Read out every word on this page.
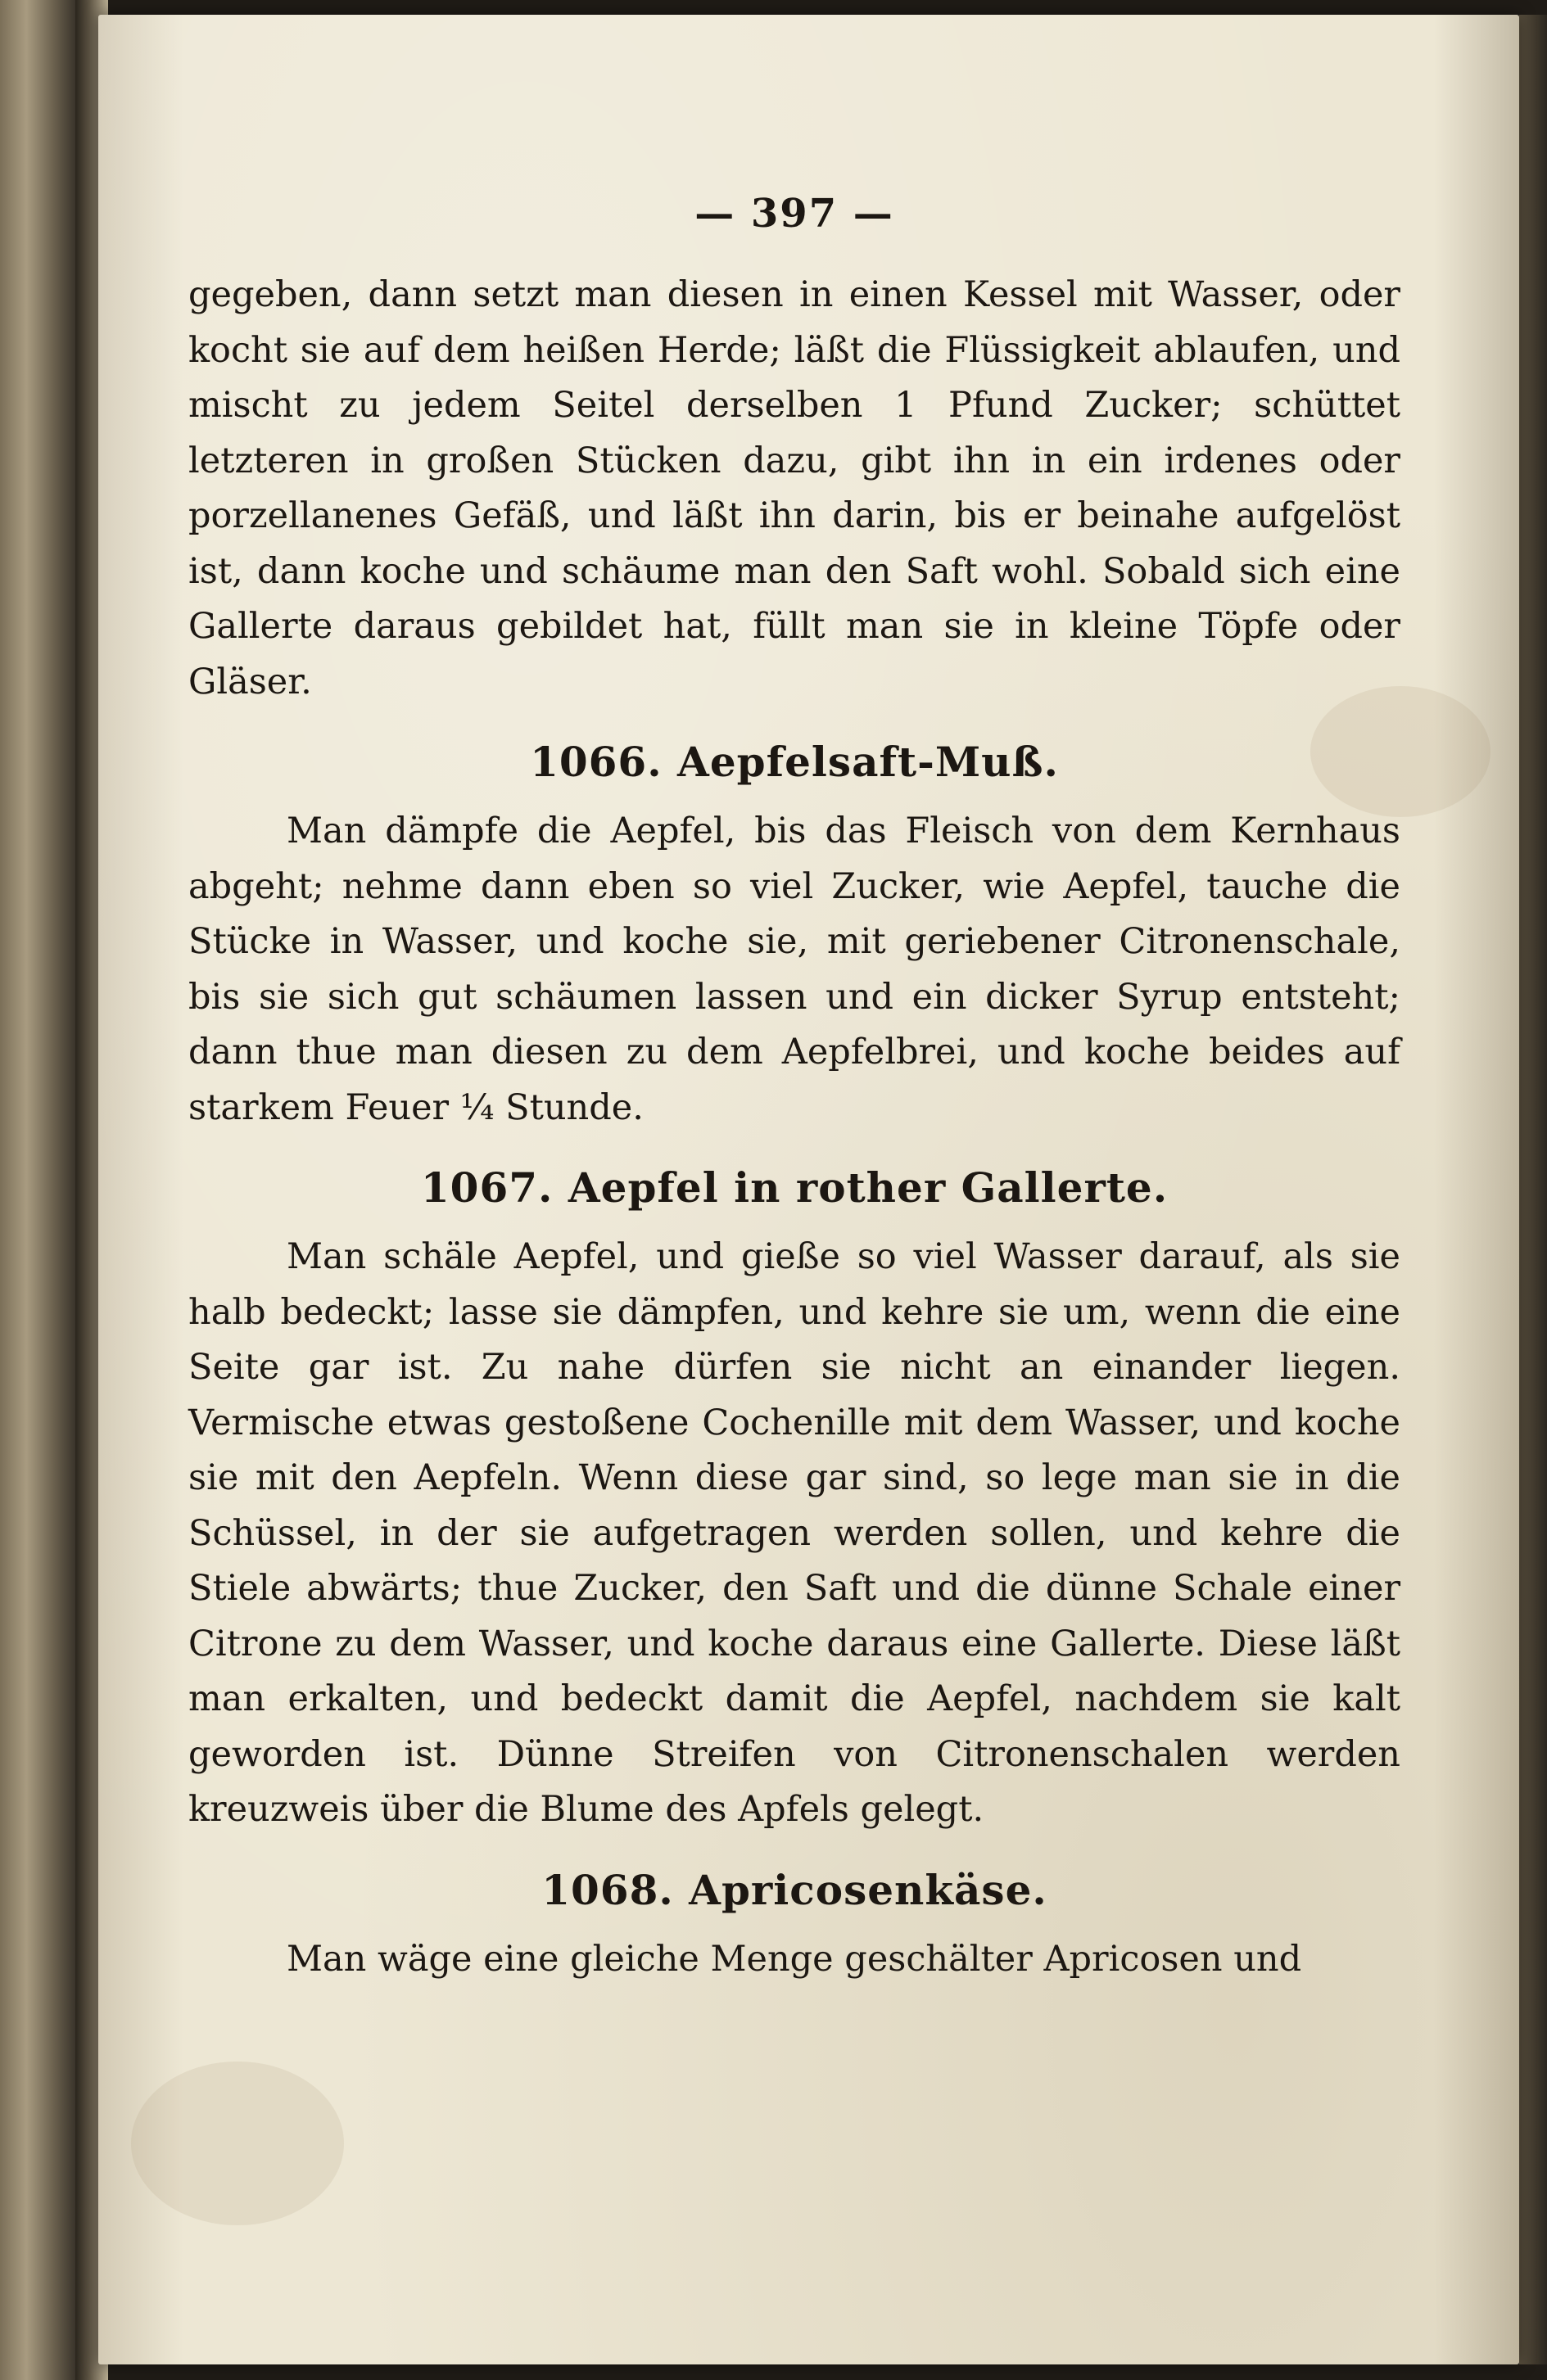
— 397 —

gegeben, dann setzt man diesen in einen Kessel mit Wasser, oder kocht sie auf dem heißen Herde; läßt die Flüssigkeit ablaufen, und mischt zu jedem Seitel derselben 1 Pfund Zucker; schüttet letzteren in großen Stücken dazu, gibt ihn in ein irdenes oder porzellanenes Gefäß, und läßt ihn darin, bis er beinahe aufgelöst ist, dann koche und schäume man den Saft wohl. Sobald sich eine Gallerte daraus gebildet hat, füllt man sie in kleine Töpfe oder Gläser.

1066. Aepfelsaft-Muß.

Man dämpfe die Aepfel, bis das Fleisch von dem Kernhaus abgeht; nehme dann eben so viel Zucker, wie Aepfel, tauche die Stücke in Wasser, und koche sie, mit geriebener Citronenschale, bis sie sich gut schäumen lassen und ein dicker Syrup entsteht; dann thue man diesen zu dem Aepfelbrei, und koche beides auf starkem Feuer ¼ Stunde.

1067. Aepfel in rother Gallerte.

Man schäle Aepfel, und gieße so viel Wasser darauf, als sie halb bedeckt; lasse sie dämpfen, und kehre sie um, wenn die eine Seite gar ist. Zu nahe dürfen sie nicht an einander liegen. Vermische etwas gestoßene Cochenille mit dem Wasser, und koche sie mit den Aepfeln. Wenn diese gar sind, so lege man sie in die Schüssel, in der sie aufgetragen werden sollen, und kehre die Stiele abwärts; thue Zucker, den Saft und die dünne Schale einer Citrone zu dem Wasser, und koche daraus eine Gallerte. Diese läßt man erkalten, und bedeckt damit die Aepfel, nachdem sie kalt geworden ist. Dünne Streifen von Citronenschalen werden kreuzweis über die Blume des Apfels gelegt.

1068. Apricosenkäse.

Man wäge eine gleiche Menge geschälter Apricosen und
